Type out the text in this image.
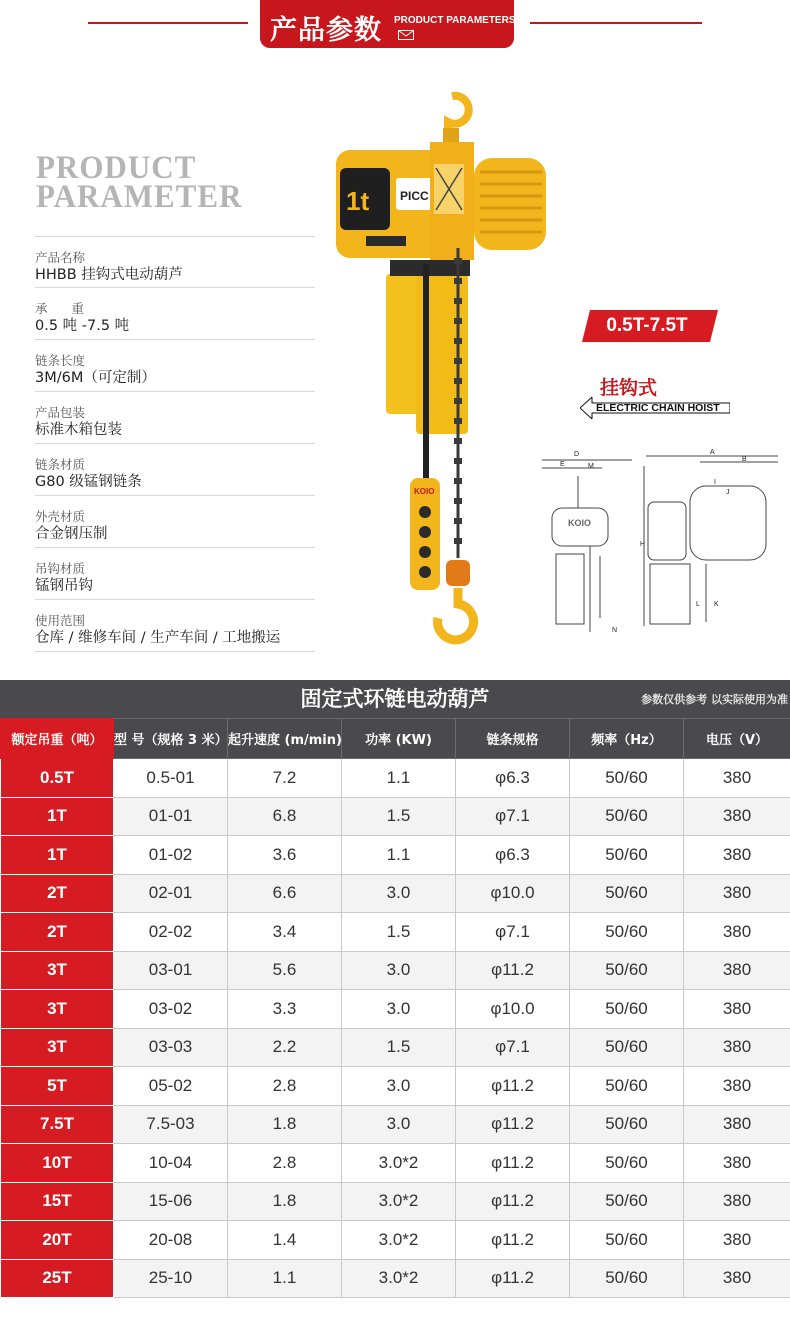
产品参数 PRODUCT PARAMETERS
PRODUCT
PARAMETER
产品名称
HHBB 挂钩式电动葫芦
承      重
0.5 吨 -7.5 吨
链条长度
3M/6M（可定制）
产品包装
标准木箱包装
链条材质
G80 级锰钢链条
外壳材质
合金钢压制
吊钩材质
锰钢吊钩
使用范围
仓库 / 维修车间 / 生产车间 / 工地搬运
1t	PICC
KOIO
0.5T-7.5T
挂钩式
ELECTRIC CHAIN HOIST
KOIO
D
E	M
N
A
B
I
J
H
L K
固定式环链电动葫芦	参数仅供参考 以实际使用为准
额定吊重（吨）	型 号（规格 3 米）	起升速度 (m/min)	功率 (KW)	链条规格	频率（Hz）	电压（V）
0.5T	0.5-01	7.2	1.1	φ6.3	50/60	380
1T	01-01	6.8	1.5	φ7.1	50/60	380
1T	01-02	3.6	1.1	φ6.3	50/60	380
2T	02-01	6.6	3.0	φ10.0	50/60	380
2T	02-02	3.4	1.5	φ7.1	50/60	380
3T	03-01	5.6	3.0	φ11.2	50/60	380
3T	03-02	3.3	3.0	φ10.0	50/60	380
3T	03-03	2.2	1.5	φ7.1	50/60	380
5T	05-02	2.8	3.0	φ11.2	50/60	380
7.5T	7.5-03	1.8	3.0	φ11.2	50/60	380
10T	10-04	2.8	3.0*2	φ11.2	50/60	380
15T	15-06	1.8	3.0*2	φ11.2	50/60	380
20T	20-08	1.4	3.0*2	φ11.2	50/60	380
25T	25-10	1.1	3.0*2	φ11.2	50/60	380
